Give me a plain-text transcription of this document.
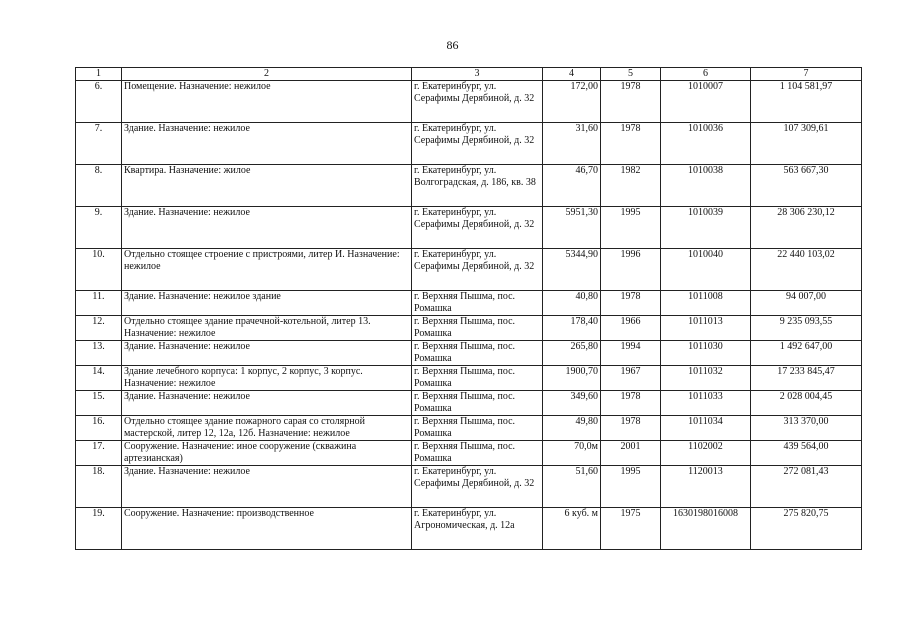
86
1	2	3	4	5	6	7
6.	Помещение. Назначение: нежилое	г. Екатеринбург, ул. Серафимы Дерябиной, д. 32	172,00	1978	1010007	1 104 581,97
7.	Здание. Назначение: нежилое	г. Екатеринбург, ул. Серафимы Дерябиной, д. 32	31,60	1978	1010036	107 309,61
8.	Квартира. Назначение: жилое	г. Екатеринбург, ул. Волгоградская, д. 186, кв. 38	46,70	1982	1010038	563 667,30
9.	Здание. Назначение: нежилое	г. Екатеринбург, ул. Серафимы Дерябиной, д. 32	5951,30	1995	1010039	28 306 230,12
10.	Отдельно стоящее строение с пристроями, литер И. Назначение: нежилое	г. Екатеринбург, ул. Серафимы Дерябиной, д. 32	5344,90	1996	1010040	22 440 103,02
11.	Здание. Назначение: нежилое здание	г. Верхняя Пышма, пос. Ромашка	40,80	1978	1011008	94 007,00
12.	Отдельно стоящее здание прачечной-котельной, литер 13. Назначение: нежилое	г. Верхняя Пышма, пос. Ромашка	178,40	1966	1011013	9 235 093,55
13.	Здание. Назначение: нежилое	г. Верхняя Пышма, пос. Ромашка	265,80	1994	1011030	1 492 647,00
14.	Здание лечебного корпуса: 1 корпус, 2 корпус, 3 корпус. Назначение: нежилое	г. Верхняя Пышма, пос. Ромашка	1900,70	1967	1011032	17 233 845,47
15.	Здание. Назначение: нежилое	г. Верхняя Пышма, пос. Ромашка	349,60	1978	1011033	2 028 004,45
16.	Отдельно стоящее здание пожарного сарая со столярной мастерской, литер 12, 12а, 12б. Назначение: нежилое	г. Верхняя Пышма, пос. Ромашка	49,80	1978	1011034	313 370,00
17.	Сооружение. Назначение: иное сооружение (скважина артезианская)	г. Верхняя Пышма, пос. Ромашка	70,0м	2001	1102002	439 564,00
18.	Здание. Назначение: нежилое	г. Екатеринбург, ул. Серафимы Дерябиной, д. 32	51,60	1995	1120013	272 081,43
19.	Сооружение. Назначение: производственное	г. Екатеринбург, ул. Агрономическая, д. 12а	6 куб. м	1975	1630198016008	275 820,75
